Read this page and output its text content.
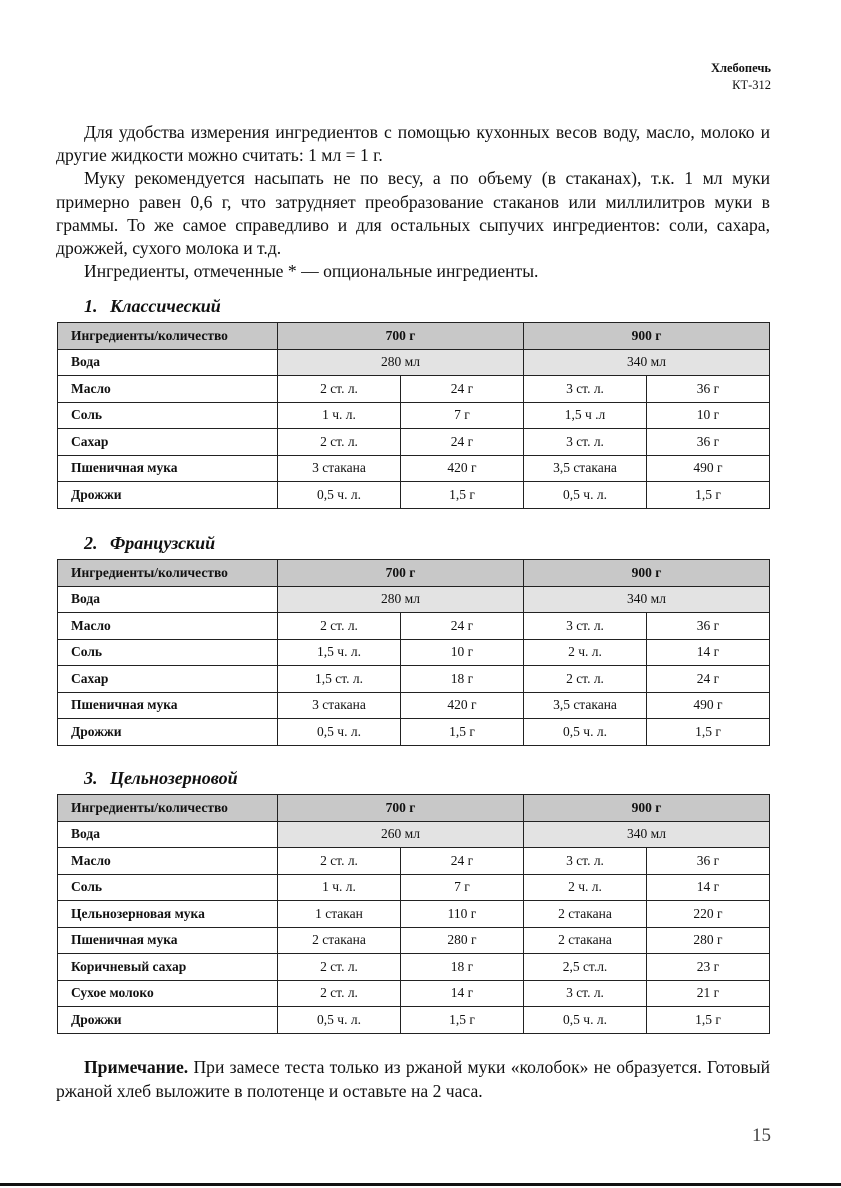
Хлебопечь
КТ-312

Для удобства измерения ингредиентов с помощью кухонных весов воду, масло, молоко и другие жидкости можно считать: 1 мл = 1 г.

Муку рекомендуется насыпать не по весу, а по объему (в стаканах), т.к. 1 мл муки примерно равен 0,6 г, что затрудняет преобразование стаканов или миллилитров муки в граммы. То же самое справедливо и для остальных сыпучих ингредиентов: соли, сахара, дрожжей, сухого молока и т.д.

Ингредиенты, отмеченные * — опциональные ингредиенты.

1. Классический
Ингредиенты/количество	700 г		900 г	
Вода	280 мл		340 мл	
Масло	2 ст. л.	24 г	3 ст. л.	36 г
Соль	1 ч. л.	7 г	1,5 ч .л	10 г
Сахар	2 ст. л.	24 г	3 ст. л.	36 г
Пшеничная мука	3 стакана	420 г	3,5 стакана	490 г
Дрожжи	0,5 ч. л.	1,5 г	0,5 ч. л.	1,5 г
2. Французский
Ингредиенты/количество	700 г		900 г	
Вода	280 мл		340 мл	
Масло	2 ст. л.	24 г	3 ст. л.	36 г
Соль	1,5 ч. л.	10 г	2 ч. л.	14 г
Сахар	1,5 ст. л.	18 г	2 ст. л.	24 г
Пшеничная мука	3 стакана	420 г	3,5 стакана	490 г
Дрожжи	0,5 ч. л.	1,5 г	0,5 ч. л.	1,5 г
3. Цельнозерновой
Ингредиенты/количество	700 г		900 г	
Вода	260 мл		340 мл	
Масло	2 ст. л.	24 г	3 ст. л.	36 г
Соль	1 ч. л.	7 г	2 ч. л.	14 г
Цельнозерновая мука	1 стакан	110 г	2 стакана	220 г
Пшеничная мука	2 стакана	280 г	2 стакана	280 г
Коричневый сахар	2 ст. л.	18 г	2,5 ст.л.	23 г
Сухое молоко	2 ст. л.	14 г	3 ст. л.	21 г
Дрожжи	0,5 ч. л.	1,5 г	0,5 ч. л.	1,5 г

Примечание. При замесе теста только из ржаной муки «колобок» не образуется. Готовый ржаной хлеб выложите в полотенце и оставьте на 2 часа.

15
